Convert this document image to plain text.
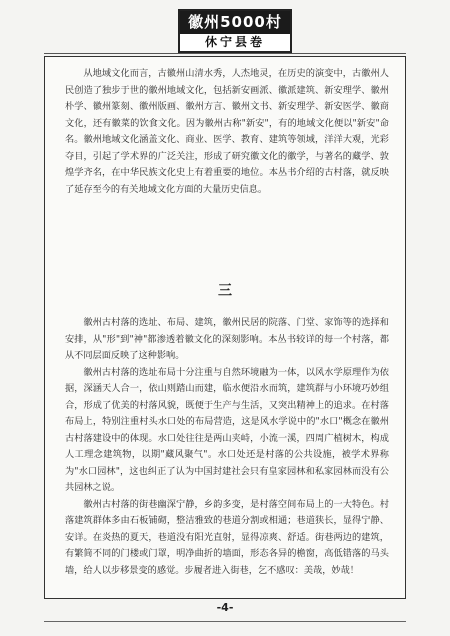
徽州5000村
休宁县卷

从地域文化而言，古徽州山清水秀，人杰地灵，在历史的演变中，古徽州人民创造了独步于世的徽州地域文化，包括新安画派、徽派建筑、新安理学、徽州朴学、徽州篆刻、徽州版画、徽州方言、徽州文书、新安理学、新安医学、徽商文化，还有徽菜的饮食文化。因为徽州古称"新安"，有的地域文化便以"新安"命名。徽州地域文化涵盖文化、商业、医学、教育、建筑等领域，洋洋大观，光彩夺目，引起了学术界的广泛关注，形成了研究徽文化的徽学，与著名的藏学、敦煌学齐名，在中华民族文化史上有着重要的地位。本丛书介绍的古村落，就反映了延存至今的有关地域文化方面的大量历史信息。

三

徽州古村落的选址、布局、建筑，徽州民居的院落、门堂、家饰等的选择和安排，从"形"到"神"都渗透着徽文化的深刻影响。本丛书较详的每一个村落，都从不同层面反映了这种影响。

徽州古村落的选址布局十分注重与自然环境融为一体，以风水学原理作为依据，深涵天人合一，依山则踏山而建，临水便沿水而筑，建筑群与小环境巧妙组合，形成了优美的村落风貌，既便于生产与生活，又突出精神上的追求。在村落布局上，特别注重村头水口处的布局营造，这是风水学说中的"水口"概念在徽州古村落建设中的体现。水口处往往是两山夹峙，小流一溪，四周广植树木，构成人工理念建筑物，以期"藏风聚气"。水口处还是村落的公共设施，被学术界称为"水口园林"，这也纠正了认为中国封建社会只有皇家园林和私家园林而没有公共园林之说。

徽州古村落的街巷幽深宁静，乡韵多变，是村落空间布局上的一大特色。村落建筑群体多由石板铺砌，整洁雅致的巷道分割或相通；巷道狭长，显得宁静、安详。在炎热的夏天，巷道没有阳光直射，显得凉爽、舒适。街巷两边的建筑，有繁简不同的门楼或门罩，明净曲折的墙面，形态各异的檐窗，高低错落的马头墙，给人以步移景变的感觉。步履者进入街巷，乞不感叹：美哉，妙哉！

-4-
